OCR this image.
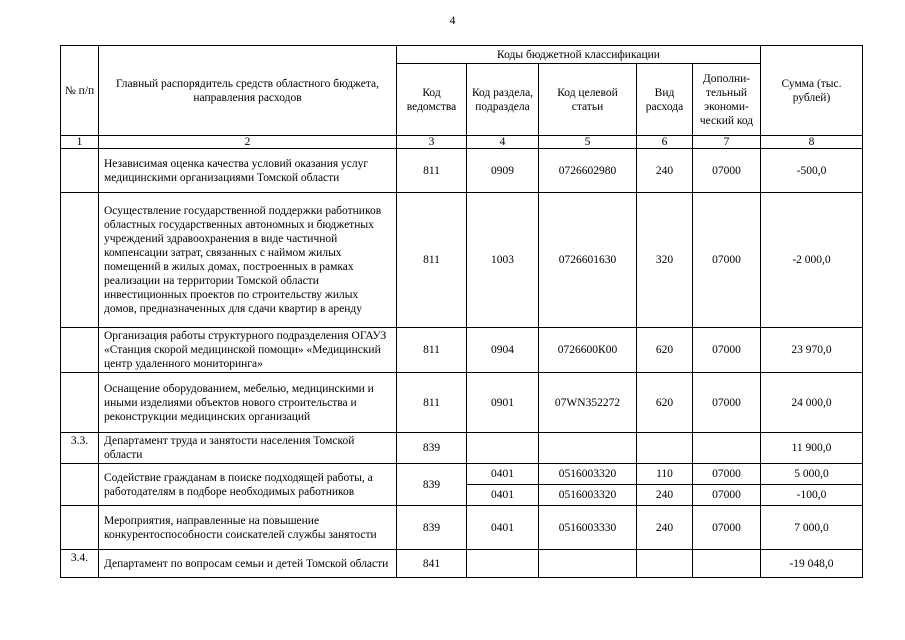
4
№ п/п	Главный распорядитель средств областного бюджета, направления расходов	Коды бюджетной классификации					Сумма (тыс. рублей)
		Код ведомства	Код раздела, подраздела	Код целевой статьи	Вид расхода	Дополни-тельный экономи-ческий код	
1	2	3	4	5	6	7	8
	Независимая оценка качества условий оказания услуг медицинскими организациями Томской области	811	0909	0726602980	240	07000	-500,0
	Осуществление государственной поддержки работников областных государственных автономных и бюджетных учреждений здравоохранения в виде частичной компенсации затрат, связанных с наймом жилых помещений в жилых домах, построенных в рамках реализации на территории Томской области инвестиционных проектов по строительству жилых домов, предназначенных для сдачи квартир в аренду	811	1003	0726601630	320	07000	-2 000,0
	Организация работы структурного подразделения ОГАУЗ «Станция скорой медицинской помощи» «Медицинский центр удаленного мониторинга»	811	0904	0726600К00	620	07000	23 970,0
	Оснащение оборудованием, мебелью, медицинскими и иными изделиями объектов нового строительства и реконструкции медицинских организаций	811	0901	07WN352272	620	07000	24 000,0
3.3.	Департамент труда и занятости населения Томской области	839					11 900,0
	Содействие гражданам в поиске подходящей работы, а работодателям в подборе необходимых работников	839	0401	0516003320	110	07000	5 000,0
			0401	0516003320	240	07000	-100,0
	Мероприятия, направленные на повышение конкурентоспособности соискателей службы занятости	839	0401	0516003330	240	07000	7 000,0
3.4.	Департамент по вопросам семьи и детей Томской области	841					-19 048,0
